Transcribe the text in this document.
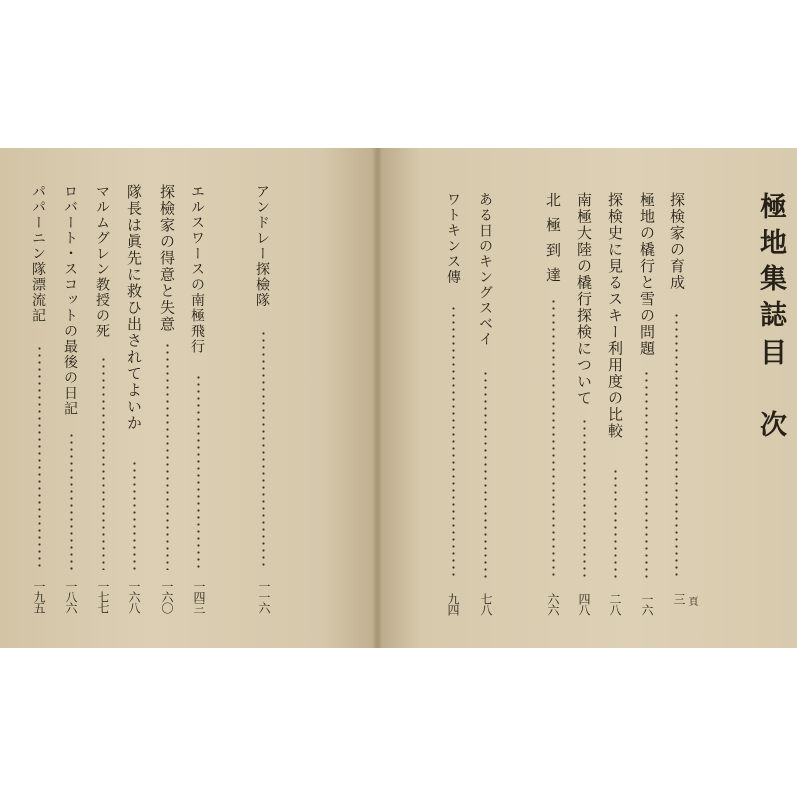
極地集誌
目　次
探検家の育成
三 頁
極地の橇行と雪の問題
一六
探検史に見るスキー利用度の比較
二八
南極大陸の橇行探検について
四八
北極到達
六六
ある日のキングスベイ
七八
ワトキンス傳
九四
アンドレー探檢隊
一一六
エルスワースの南極飛行
一四三
探檢家の得意と失意
一六〇
隊長は眞先に救ひ出されてよいか
一六八
マルムグレン教授の死
一七七
ロバート・スコットの最後の日記
一八六
パパーニン隊漂流記
一九五
